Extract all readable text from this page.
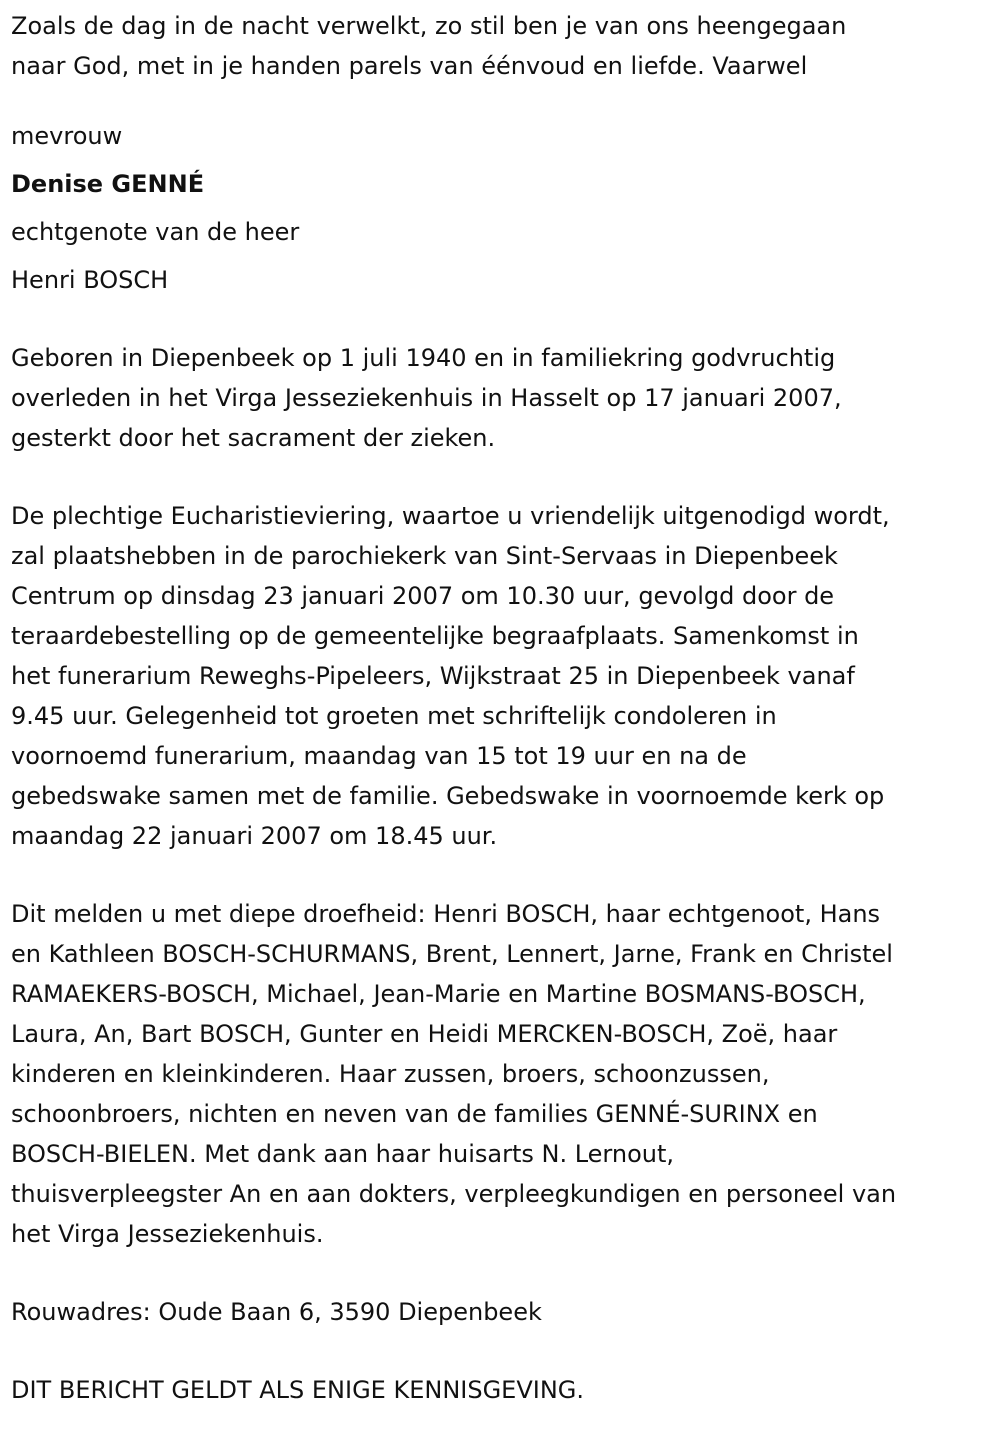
Zoals de dag in de nacht verwelkt, zo stil ben je van ons heengegaan
naar God, met in je handen parels van éénvoud en liefde. Vaarwel
mevrouw
Denise GENNÉ
echtgenote van de heer
Henri BOSCH
Geboren in Diepenbeek op 1 juli 1940 en in familiekring godvruchtig
overleden in het Virga Jesseziekenhuis in Hasselt op 17 januari 2007,
gesterkt door het sacrament der zieken.
De plechtige Eucharistieviering, waartoe u vriendelijk uitgenodigd wordt,
zal plaatshebben in de parochiekerk van Sint-Servaas in Diepenbeek
Centrum op dinsdag 23 januari 2007 om 10.30 uur, gevolgd door de
teraardebestelling op de gemeentelijke begraafplaats. Samenkomst in
het funerarium Reweghs-Pipeleers, Wijkstraat 25 in Diepenbeek vanaf
9.45 uur. Gelegenheid tot groeten met schriftelijk condoleren in
voornoemd funerarium, maandag van 15 tot 19 uur en na de
gebedswake samen met de familie. Gebedswake in voornoemde kerk op
maandag 22 januari 2007 om 18.45 uur.
Dit melden u met diepe droefheid: Henri BOSCH, haar echtgenoot, Hans
en Kathleen BOSCH-SCHURMANS, Brent, Lennert, Jarne, Frank en Christel
RAMAEKERS-BOSCH, Michael, Jean-Marie en Martine BOSMANS-BOSCH,
Laura, An, Bart BOSCH, Gunter en Heidi MERCKEN-BOSCH, Zoë, haar
kinderen en kleinkinderen. Haar zussen, broers, schoonzussen,
schoonbroers, nichten en neven van de families GENNÉ-SURINX en
BOSCH-BIELEN. Met dank aan haar huisarts N. Lernout,
thuisverpleegster An en aan dokters, verpleegkundigen en personeel van
het Virga Jesseziekenhuis.
Rouwadres: Oude Baan 6, 3590 Diepenbeek
DIT BERICHT GELDT ALS ENIGE KENNISGEVING.
